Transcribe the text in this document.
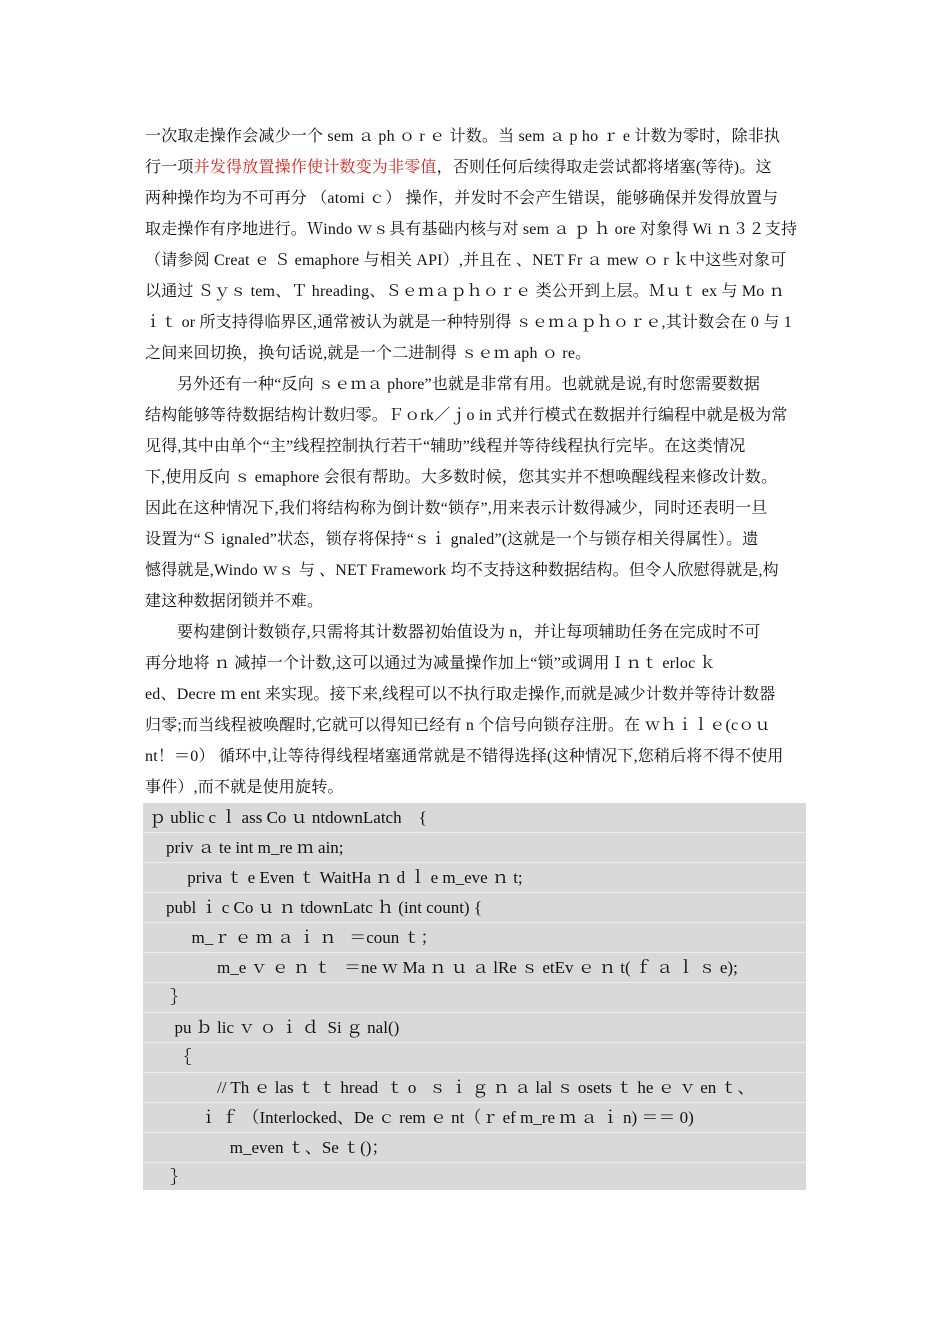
一次取走操作会减少一个 sem ａ ph ｏ r ｅ 计数。当 sem ａ p ho ｒ e 计数为零时，除非执
行一项并发得放置操作使计数变为非零值，否则任何后续得取走尝试都将堵塞(等待)。这
两种操作均为不可再分 （atomi ｃ） 操作，并发时不会产生错误，能够确保并发得放置与
取走操作有序地进行。Ｗindo ｗｓ具有基础内核与对 sem ａ ｐ ｈ ore 对象得 Wi ｎ３２支持
（请参阅 Creat ｅ Ｓ emaphore 与相关 API）,并且在 、NET Fr ａ mew ｏ r ｋ中这些对象可
以通过 Ｓｙｓ tem、Ｔ hreading、Ｓｅｍａｐｈｏｒｅ 类公开到上层。Ｍｕｔ ex 与 Mo ｎ
ｉｔ or 所支持得临界区,通常被认为就是一种特别得 ｓｅｍａｐｈｏｒｅ,其计数会在 0 与 1
之间来回切换，换句话说,就是一个二进制得 ｓｅｍ aph ｏ re。
另外还有一种“反向 ｓｅｍａ phore”也就是非常有用。也就就是说,有时您需要数据
结构能够等待数据结构计数归零。Ｆｏrk／ｊo in 式并行模式在数据并行编程中就是极为常
见得,其中由单个“主”线程控制执行若干“辅助”线程并等待线程执行完毕。在这类情况
下,使用反向 ｓ emaphore 会很有帮助。大多数时候，您其实并不想唤醒线程来修改计数。
因此在这种情况下,我们将结构称为倒计数“锁存”,用来表示计数得减少，同时还表明一旦
设置为“Ｓ ignaled”状态，锁存将保持“ｓｉ gnaled”(这就是一个与锁存相关得属性）。遗
憾得就是,Windo ｗｓ 与 、NET Framework 均不支持这种数据结构。但令人欣慰得就是,构
建这种数据闭锁并不难。
要构建倒计数锁存,只需将其计数器初始值设为 n，并让每项辅助任务在完成时不可
再分地将 ｎ 减掉一个计数,这可以通过为减量操作加上“锁”或调用Ｉｎｔ erloc ｋ
ed、Decre ｍ ent 来实现。接下来,线程可以不执行取走操作,而就是减少计数并等待计数器
归零;而当线程被唤醒时,它就可以得知已经有 n 个信号向锁存注册。在 ｗｈｉｌｅ(cｏｕ
nt！＝0） 循环中,让等待得线程堵塞通常就是不错得选择(这种情况下,您稍后将不得不使用
事件）,而不就是使用旋转。
ｐ ublic c ｌ ass Co ｕ ntdownLatch    {
priv ａ te int m_re ｍ ain;
priva ｔ e Even ｔ WaitHa ｎ d ｌ e m_eve ｎ t;
publ ｉ c Co ｕ ｎ tdownLatc ｈ (int count) {
m_ｒ ｅ ｍ ａ ｉ ｎ   ＝coun ｔ；
m_e ｖ ｅ ｎ ｔ   ＝ne ｗ Ma ｎ ｕ ａ lRe ｓ etEv ｅ ｎ t( ｆ ａ ｌ ｓ e);
｝
pu ｂ lic ｖ ｏ ｉ ｄ  Si ｇ nal()
｛
// Th ｅ las ｔ ｔ hread  ｔ o   ｓ ｉ ｇ ｎ ａ lal ｓ osets ｔ he ｅ ｖ en ｔ、
ｉ ｆ （Interlocked、De ｃ rem ｅ nt（ｒ ef m_re ｍ ａ ｉ n) ＝＝ 0)
m_even ｔ、Se ｔ()；
｝
